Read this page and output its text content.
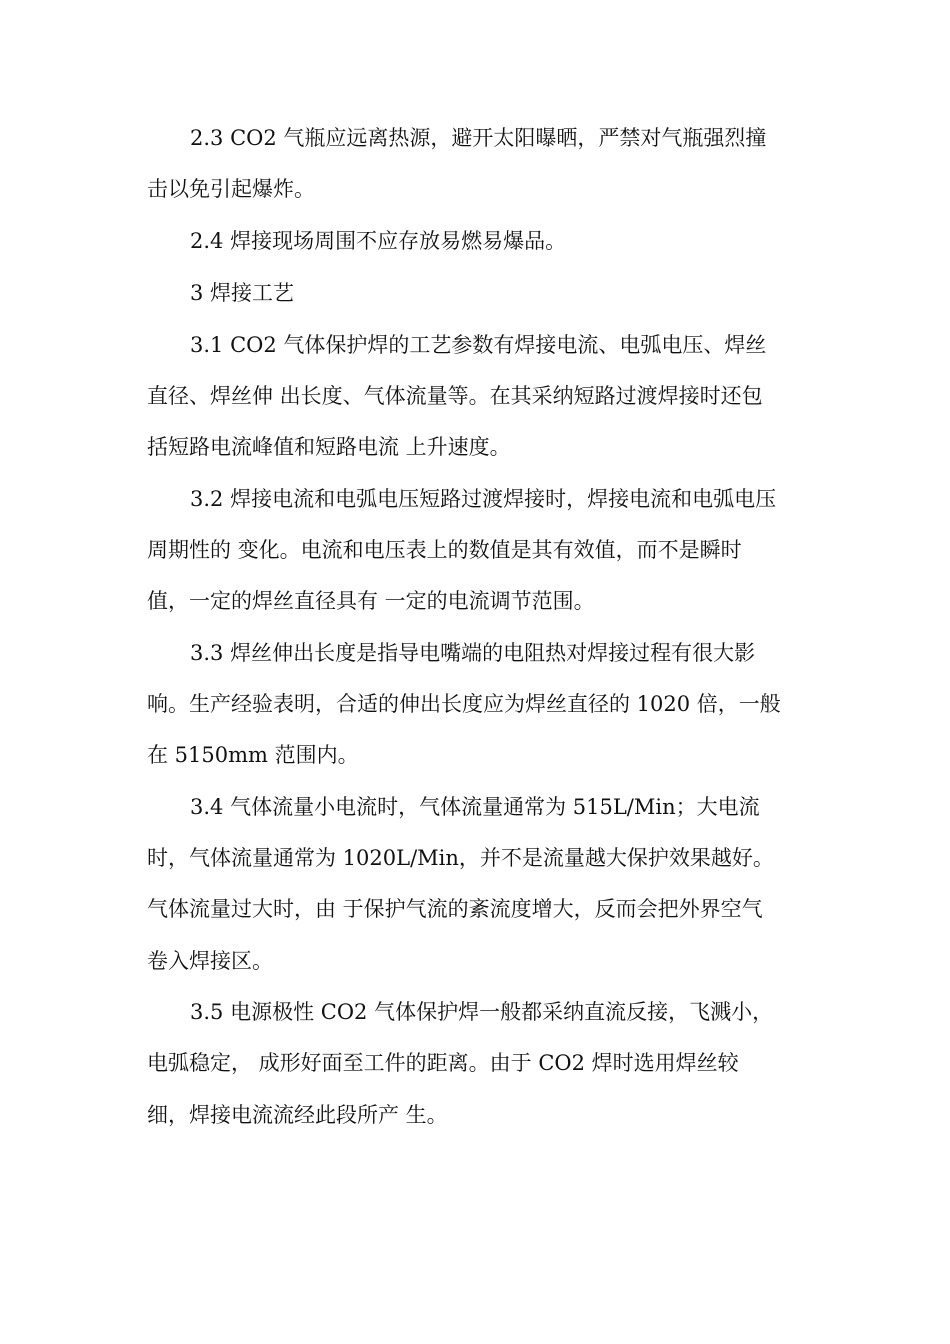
2.3 CO2 气瓶应远离热源，避开太阳曝晒，严禁对气瓶强烈撞
击以免引起爆炸。
2.4 焊接现场周围不应存放易燃易爆品。
3 焊接工艺
3.1 CO2 气体保护焊的工艺参数有焊接电流、电弧电压、焊丝
直径、焊丝伸 出长度、气体流量等。在其采纳短路过渡焊接时还包
括短路电流峰值和短路电流 上升速度。
3.2 焊接电流和电弧电压短路过渡焊接时，焊接电流和电弧电压
周期性的 变化。电流和电压表上的数值是其有效值，而不是瞬时
值，一定的焊丝直径具有 一定的电流调节范围。
3.3 焊丝伸出长度是指导电嘴端的电阻热对焊接过程有很大影
响。生产经验表明，合适的伸出长度应为焊丝直径的 1020 倍，一般
在 5150mm 范围内。
3.4 气体流量小电流时，气体流量通常为 515L/Min；大电流
时，气体流量通常为 1020L/Min，并不是流量越大保护效果越好。
气体流量过大时，由 于保护气流的紊流度增大，反而会把外界空气
卷入焊接区。
3.5 电源极性 CO2 气体保护焊一般都采纳直流反接，飞溅小，
电弧稳定， 成形好面至工件的距离。由于 CO2 焊时选用焊丝较
细，焊接电流流经此段所产 生。
